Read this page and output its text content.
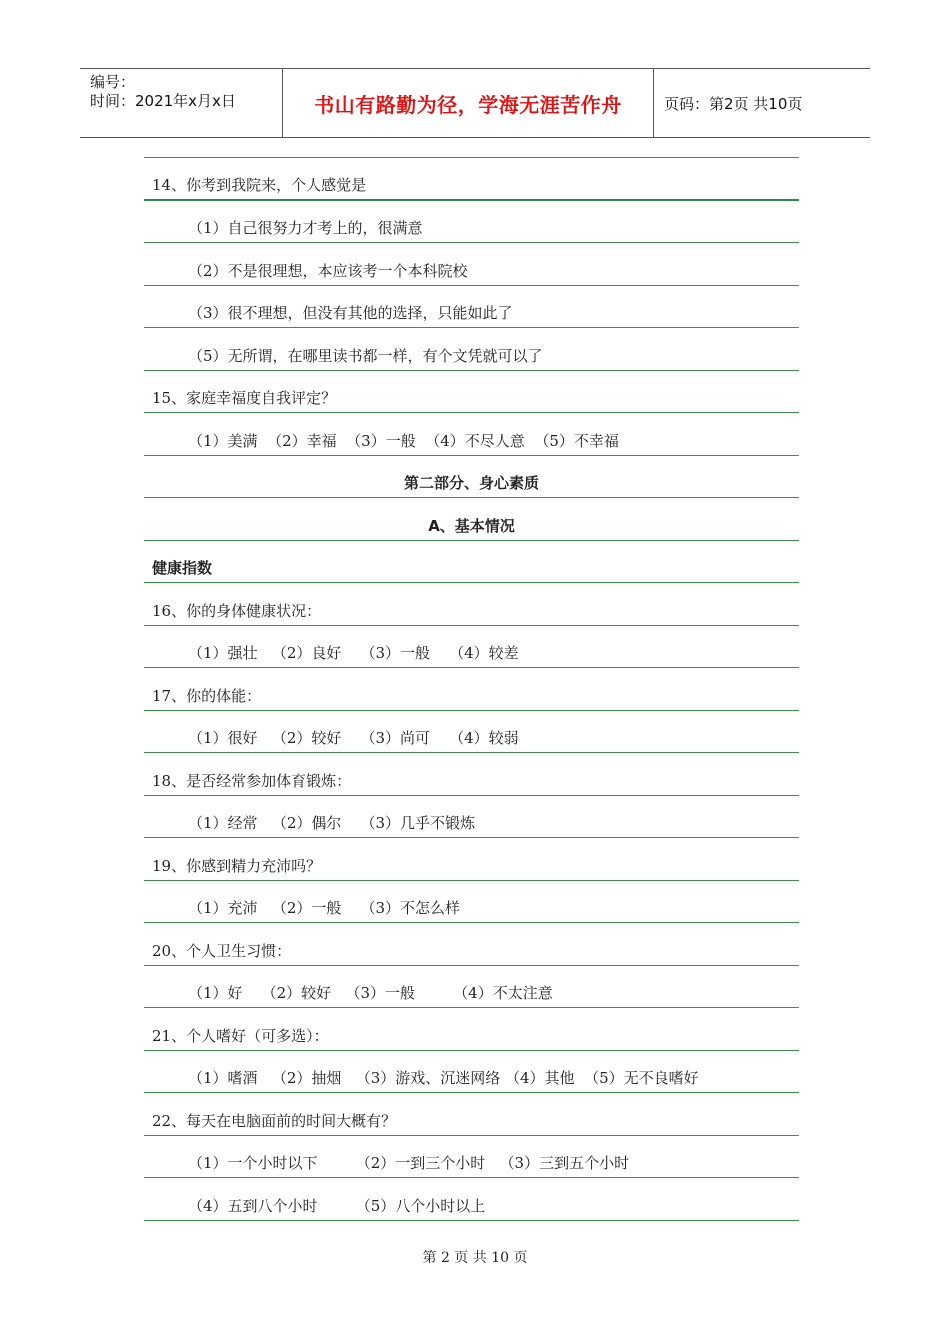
编号：
时间：2021年x月x日	书山有路勤为径，学海无涯苦作舟	页码：第2页 共10页
14、你考到我院来，个人感觉是
（1）自己很努力才考上的，很满意
（2）不是很理想，本应该考一个本科院校
（3）很不理想，但没有其他的选择，只能如此了
（5）无所谓，在哪里读书都一样，有个文凭就可以了
15、家庭幸福度自我评定？
（1）美满  （2）幸福  （3）一般  （4）不尽人意  （5）不幸福
第二部分、身心素质
A、基本情况
健康指数
16、你的身体健康状况：
（1）强壮   （2）良好    （3）一般    （4）较差
17、你的体能：
（1）很好   （2）较好    （3）尚可    （4）较弱
18、是否经常参加体育锻炼：
（1）经常   （2）偶尔    （3）几乎不锻炼
19、你感到精力充沛吗？
（1）充沛   （2）一般    （3）不怎么样
20、个人卫生习惯：
（1）好    （2）较好   （3）一般        （4）不太注意
21、个人嗜好（可多选）：
（1）嗜酒   （2）抽烟   （3）游戏、沉迷网络 （4）其他  （5）无不良嗜好
22、每天在电脑面前的时间大概有？
（1）一个小时以下        （2）一到三个小时   （3）三到五个小时
（4）五到八个小时        （5）八个小时以上
第 2 页 共 10 页
